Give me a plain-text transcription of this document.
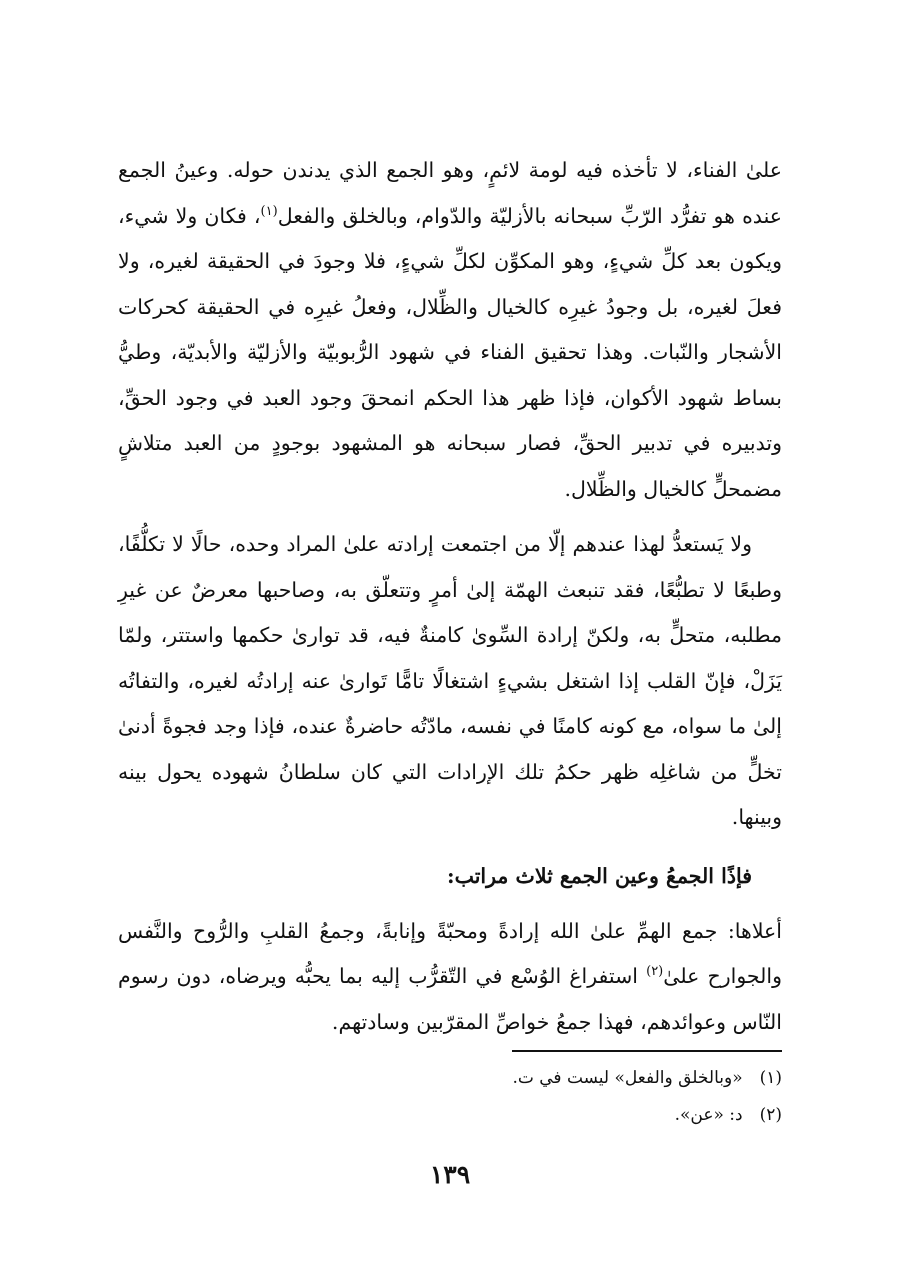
علىٰ الفناء، لا تأخذه فيه لومة لائمٍ، وهو الجمع الذي يدندن حوله. وعينُ الجمع عنده هو تفرُّد الرّبِّ سبحانه بالأزليّة والدّوام، وبالخلق والفعل$^{(١)}$، فكان ولا شيء، ويكون بعد كلِّ شيءٍ، وهو المكوِّن لكلِّ شيءٍ، فلا وجودَ في الحقيقة لغيره، ولا فعلَ لغيره، بل وجودُ غيرِه كالخيال والظِّلال، وفعلُ غيرِه في الحقيقة كحركات الأشجار والنّبات. وهذا تحقيق الفناء في شهود الرُّبوبيّة والأزليّة والأبديّة، وطيُّ بساط شهود الأكوان، فإذا ظهر هذا الحكم انمحقَ وجود العبد في وجود الحقِّ، وتدبيره في تدبير الحقِّ، فصار سبحانه هو المشهود بوجودٍ من العبد متلاشٍ مضمحلٍّ كالخيال والظِّلال.

ولا يَستعدُّ لهذا عندهم إلّا من اجتمعت إرادته علىٰ المراد وحده، حالًا لا تكلُّفًا، وطبعًا لا تطبُّعًا، فقد تنبعث الهمّة إلىٰ أمرٍ وتتعلّق به، وصاحبها معرضٌ عن غيرِ مطلبه، متحلٍّ به، ولكنّ إرادة السِّوىٰ كامنةٌ فيه، قد تواریٰ حكمها واستتر، ولمّا يَزَلْ، فإنّ القلب إذا اشتغل بشيءٍ اشتغالًا تامًّا تَواریٰ عنه إرادتُه لغيره، والتفاتُه إلىٰ ما سواه، مع كونه كامنًا في نفسه، مادّتُه حاضرةٌ عنده، فإذا وجد فجوةً أدنىٰ تخلٍّ من شاغلِه ظهر حكمُ تلك الإرادات التي كان سلطانُ شهوده يحول بينه وبينها.

فإذًا الجمعُ وعين الجمع ثلاث مراتب:

أعلاها: جمع الهمِّ علىٰ الله إرادةً ومحبّةً وإنابةً، وجمعُ القلبِ والرُّوح والنَّفس والجوارح علىٰ$^{(٢)}$ استفراغ الوُسْع في التّقرُّب إليه بما يحبُّه ويرضاه، دون رسوم النّاس وعوائدهم، فهذا جمعُ خواصِّ المقرّبين وسادتهم.

(١) «وبالخلق والفعل» ليست في ت.

(٢) د: «عن».

١٣٩
